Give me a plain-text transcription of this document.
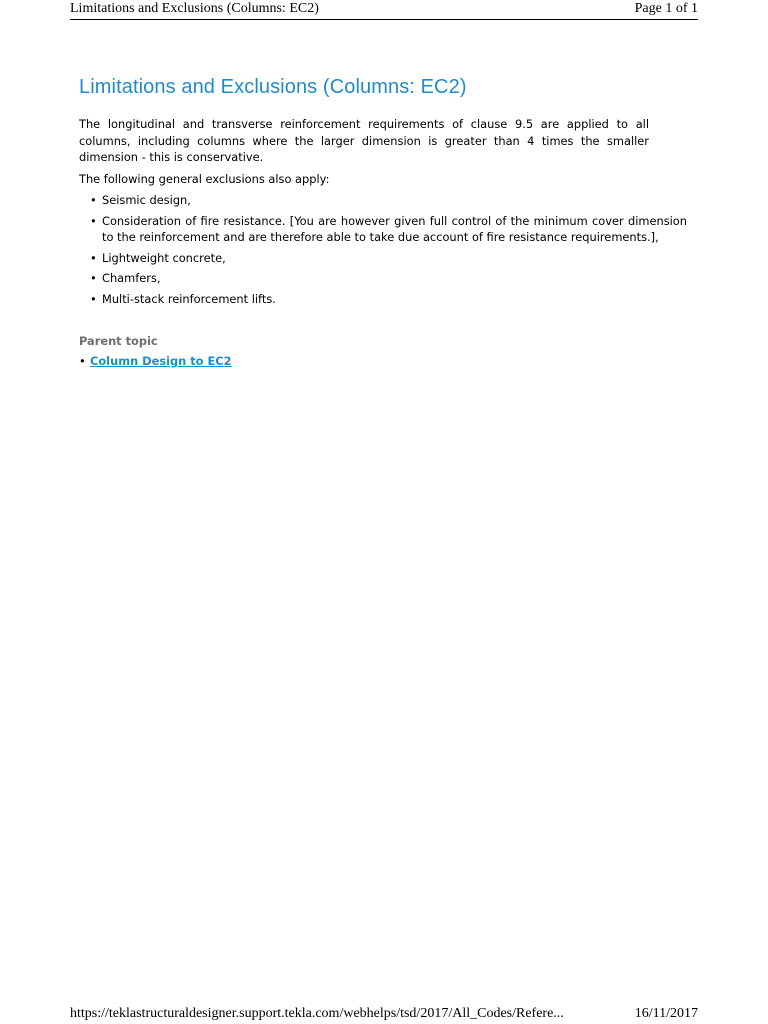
Limitations and Exclusions (Columns: EC2)	Page 1 of 1
Limitations and Exclusions (Columns: EC2)

The longitudinal and transverse reinforcement requirements of clause 9.5 are applied to all columns, including columns where the larger dimension is greater than 4 times the smaller dimension - this is conservative.

The following general exclusions also apply:

• Seismic design,
• Consideration of fire resistance. [You are however given full control of the minimum cover dimension to the reinforcement and are therefore able to take due account of fire resistance requirements.],
• Lightweight concrete,
• Chamfers,
• Multi-stack reinforcement lifts.
Parent topic
• Column Design to EC2
https://teklastructuraldesigner.support.tekla.com/webhelps/tsd/2017/All_Codes/Refere...	16/11/2017
